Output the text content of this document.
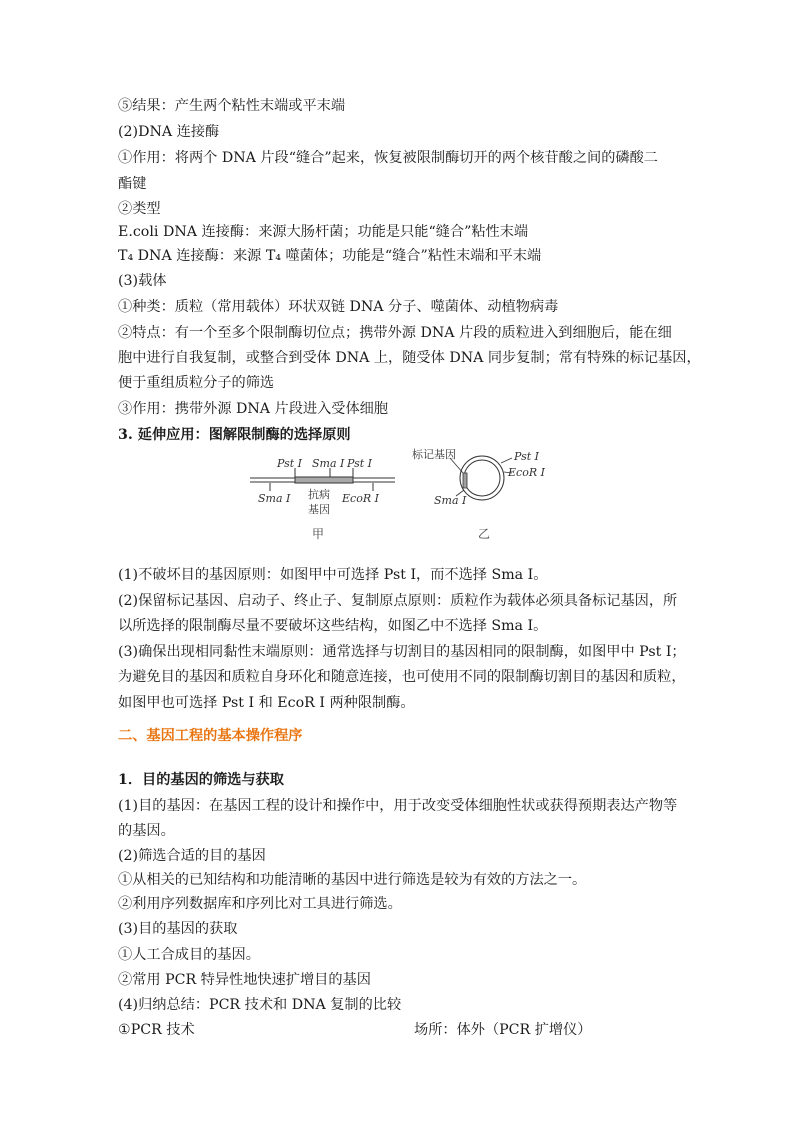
⑤结果：产生两个粘性末端或平末端
(2)DNA 连接酶
①作用：将两个 DNA 片段“缝合”起来，恢复被限制酶切开的两个核苷酸之间的磷酸二
酯键
②类型
E.coli DNA 连接酶：来源大肠杆菌；功能是只能“缝合”粘性末端
T₄ DNA 连接酶：来源 T₄ 噬菌体；功能是“缝合”粘性末端和平末端
(3)载体
①种类：质粒（常用载体）环状双链 DNA 分子、噬菌体、动植物病毒
②特点：有一个至多个限制酶切位点；携带外源 DNA 片段的质粒进入到细胞后，能在细
胞中进行自我复制，或整合到受体 DNA 上，随受体 DNA 同步复制；常有特殊的标记基因，
便于重组质粒分子的筛选
③作用：携带外源 DNA 片段进入受体细胞
3. 延伸应用：图解限制酶的选择原则
Pst Ⅰ Sma Ⅰ Pst Ⅰ
Sma Ⅰ	EcoR Ⅰ
抗病
基因
甲
标记基因	Pst Ⅰ
EcoR Ⅰ
Sma Ⅰ
乙
(1)不破坏目的基因原则：如图甲中可选择 Pst Ⅰ，而不选择 Sma Ⅰ。
(2)保留标记基因、启动子、终止子、复制原点原则：质粒作为载体必须具备标记基因，所
以所选择的限制酶尽量不要破坏这些结构，如图乙中不选择 Sma Ⅰ。
(3)确保出现相同黏性末端原则：通常选择与切割目的基因相同的限制酶，如图甲中 Pst Ⅰ；
为避免目的基因和质粒自身环化和随意连接，也可使用不同的限制酶切割目的基因和质粒，
如图甲也可选择 Pst Ⅰ 和 EcoR Ⅰ 两种限制酶。
二、基因工程的基本操作程序
1．目的基因的筛选与获取
(1)目的基因：在基因工程的设计和操作中，用于改变受体细胞性状或获得预期表达产物等
的基因。
(2)筛选合适的目的基因
①从相关的已知结构和功能清晰的基因中进行筛选是较为有效的方法之一。
②利用序列数据库和序列比对工具进行筛选。
(3)目的基因的获取
①人工合成目的基因。
②常用 PCR 特异性地快速扩增目的基因
(4)归纳总结：PCR 技术和 DNA 复制的比较
①PCR 技术	场所：体外（PCR 扩增仪）
